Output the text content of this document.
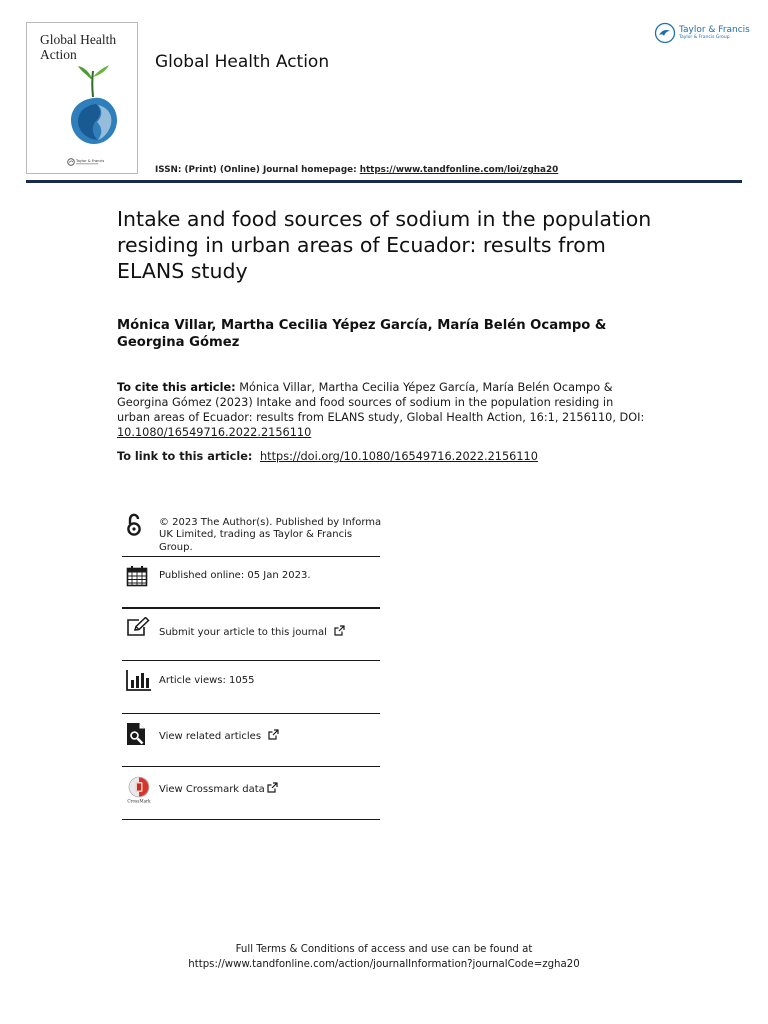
Global Health Action
Taylor & Francis
Global Health Action
Taylor & Francis
Taylor & Francis Group
ISSN: (Print) (Online) Journal homepage: https://www.tandfonline.com/loi/zgha20
Intake and food sources of sodium in the population residing in urban areas of Ecuador: results from ELANS study
Mónica Villar, Martha Cecilia Yépez García, María Belén Ocampo & Georgina Gómez
To cite this article: Mónica Villar, Martha Cecilia Yépez García, María Belén Ocampo & Georgina Gómez (2023) Intake and food sources of sodium in the population residing in urban areas of Ecuador: results from ELANS study, Global Health Action, 16:1, 2156110, DOI: 10.1080/16549716.2022.2156110
To link to this article: https://doi.org/10.1080/16549716.2022.2156110
© 2023 The Author(s). Published by Informa UK Limited, trading as Taylor & Francis Group.
Published online: 05 Jan 2023.
Submit your article to this journal
Article views: 1055
View related articles
CrossMark
View Crossmark data
Full Terms & Conditions of access and use can be found at
https://www.tandfonline.com/action/journalInformation?journalCode=zgha20
